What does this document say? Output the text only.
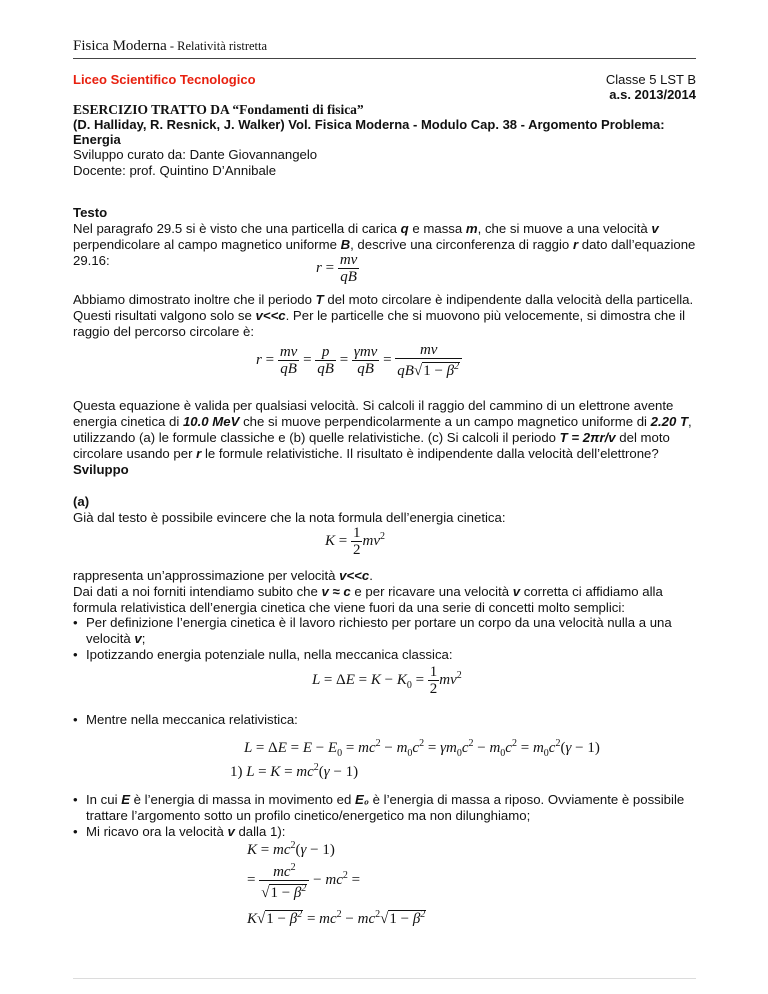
Fisica Moderna - Relatività ristretta
Liceo Scientifico Tecnologico	Classe 5 LST B
a.s. 2013/2014
ESERCIZIO TRATTO DA “Fondamenti di fisica”
(D. Halliday, R. Resnick, J. Walker) Vol. Fisica Moderna - Modulo Cap. 38 - Argomento Problema: Energia
Sviluppo curato da: Dante Giovannangelo
Docente: prof. Quintino D’Annibale
Testo
Nel paragrafo 29.5 si è visto che una particella di carica q e massa m, che si muove a una velocità v perpendicolare al campo magnetico uniforme B, descrive una circonferenza di raggio r dato dall’equazione 29.16:	$r = \frac{mv}{qB}$
Abbiamo dimostrato inoltre che il periodo T del moto circolare è indipendente dalla velocità della particella. Questi risultati valgono solo se v<<c. Per le particelle che si muovono più velocemente, si dimostra che il raggio del percorso circolare è:
$r = \frac{mv}{qB} = \frac{p}{qB} = \frac{\text{γmv}}{qB} = \frac{mv}{qB√1 - \beta^2}$
Questa equazione è valida per qualsiasi velocità. Si calcoli il raggio del cammino di un elettrone avente energia cinetica di 10.0 MeV che si muove perpendicolarmente a un campo magnetico uniforme di 2.20 T, utilizzando (a) le formule classiche e (b) quelle relativistiche. (c) Si calcoli il periodo T = 2πr/v del moto circolare usando per r le formule relativistiche. Il risultato è indipendente dalla velocità dell’elettrone?
Sviluppo
(a)
Già dal testo è possibile evincere che la nota formula dell’energia cinetica:
$K = \frac{1}{2} mv^2$
rappresenta un’approssimazione per velocità v<<c.
Dai dati a noi forniti intendiamo subito che v ≈ c e per ricavare una velocità v corretta ci affidiamo alla formula relativistica dell’energia cinetica che viene fuori da una serie di concetti molto semplici:
• Per definizione l’energia cinetica è il lavoro richiesto per portare un corpo da una velocità nulla a una velocità v;
• Ipotizzando energia potenziale nulla, nella meccanica classica:
$L = \Delta E = K - K_0 = \frac{1}{2} mv^2$
• Mentre nella meccanica relativistica:
$L = \Delta E = E - E_0 = mc^2 - m_0c^2 = \gamma m_0c^2 - m_0c^2 = m_0c^2(\gamma - 1)$
1) $L = K = mc^2(\gamma - 1)$
• In cui E è l’energia di massa in movimento ed E₀ è l’energia di massa a riposo. Ovviamente è possibile trattare l’argomento sotto un profilo cinetico/energetico ma non dilunghiamo;
• Mi ricavo ora la velocità v dalla 1):
$K = mc^2(\gamma - 1)$
= $\frac{mc^2}{√1 - \beta^2} - mc^2$ =
$K√1 - \beta^2 = mc^2 - mc^2√1 - \beta^2$
